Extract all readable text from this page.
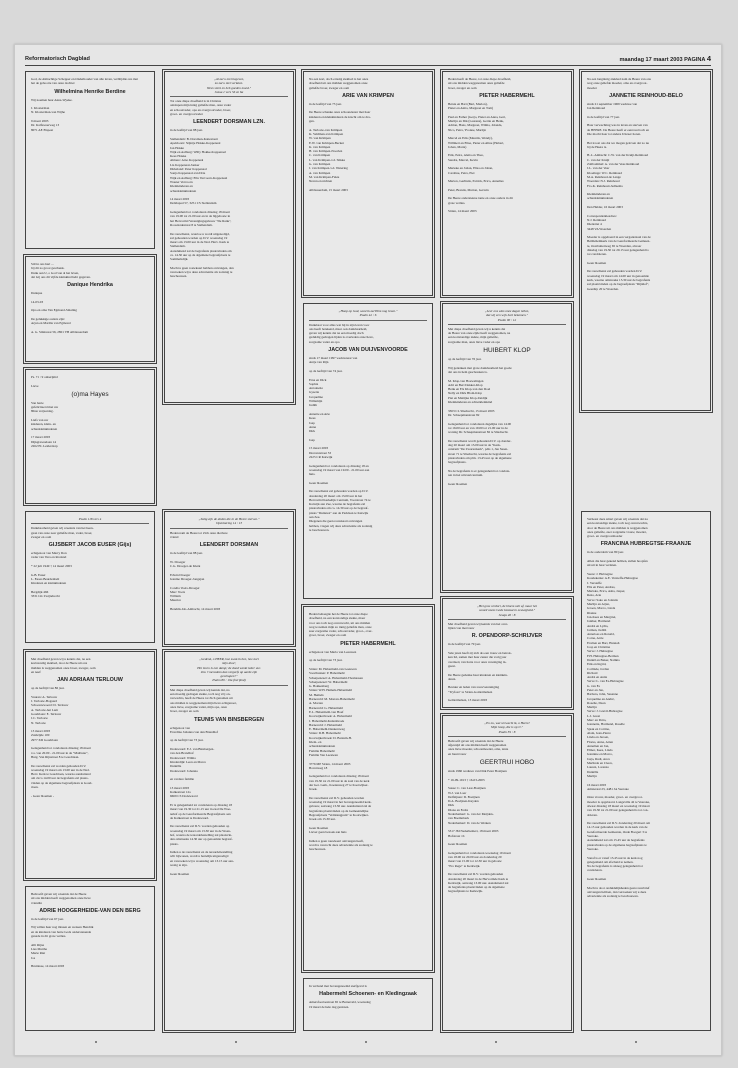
Reformatorisch Dagblad	maandag 17 maart 2003 PAGINA 4
God, de Almachtige Schepper en Onderhouder van alle leven, verblijdde ons met
het de geboorte van onze dochter
Wilhelmina Henrike Berdine
Wij noemen haar Anna-Wyeke.

J. Klosterman
N. Klosterman-van Wijhe

9 maart 2003
Dr. Kalfsweerweg 13
8071 AE Elspeet
Stil in ons hart ...
bij dit zo groot geschenk.
Dank aan U, o God van al het leven,
dat Gij ons dit vijfde kleinkind hebt gegeven.
Danique Hendrika
Danique

14-03-03

Opa en oma Van Egmond-Smaling

De gelukkige ouders zijn:
Arjan en Marilia van Egmond

A. G. Smitsraat 56, 2801 VB Alblasserdam
Ps. 71 : 9 onberijmd

Lieve
(o)ma Hayes
Van harte
gefeliciteerd met uw
80ste verjaardag.

Liefs van uw
kinderen, klein- en
achterkleinkinderen

17 maart 2003
Dijkgraweelaan 14
2262 EL Leiderdorp
Psalm 118 vers 4
Dankbaarheid geven wij u kennis van het heen-
gaan van onze zeer geliefde man, vader, broer,
zwager en oom
GIJSBERT JACOB EUSER (Gijs)
echtgenoot van Marry Don
vader van Vera en Rosland

* 22 juli 1949 † 14 maart 2003

G.B. Euser
L. Euser-Beurdenbelt
Kinderen en kleinkinderen

Bergdijk 466
3331 LK Zwijndrecht
Met droefheid geven wij u kennis dat, na een
kortstondig ziekbed, door de Heere uit ons
midden is weggenomen onze broer, zwager, oom
en neef
JAN ADRIAAN TERLOUW
op de leeftijd van 86 jaar.

Vuuren: A. Terlouw
J. Terlouw-Bogaard
Schoonrewoerd: D. Terlouw
A. Terlouw-het Lam
Goudriaan: E. Terlouw
J.C. Terlouw
N. Terlouw

13 maart 2003
Zuidzijde 100
2977 XD Goudriaan

Gelegenheid tot condoleren dinsdag 18 maart
v.a. van 20.00 - 21.00 uur in de "Maltlater",
Burg. Van Rijnstraat 8 te Goudriaan.

De rouwdienst zal worden gehouden D.V.
woensdag 19 maart om 13.00 uur in de Ned.
Herv. Kerk te Goudriaan, waarna aansluitend
om circa 14.00 uur de begrafenis zal plaats-
vinden op de algemene begraafplaats te Goud-
riaan.

- Geen bloemen -
Bedroefd geven wij u kennis dat de Heere
uit ons midden heeft weggenomen onze lieve
vriendin
ADRIE HOOGERHEIDE-VAN DEN BERG
in de leeftijd van 67 jaar.

Wij willen haar nog missen en wensen Hendrik
en de kinderen van harte Gods onderstenende
genade in dit grote verlies.

Alli Rijna
Lies Martha
Marie Riet
Jos

Bruinisse, 14 maart 2003
„Al zal u niet begeven,
zo zal u niet verlaten.
Wees sterk en heb goeden moed."
Jozua 1 vers 5b en 6a
Tot onze diepe droefheid is in Christus
ontslapen mijn innig geliefde man, onze vader
en schoonvader, opa en overgrootvader, broer,
groot- en overgrootvader
LEENDERT DORSMAN LZN.
in de leeftijd van 88 jaar.

Stellendam: B. Dorsman-Kattestaart
Apeldoorn: Stijntje Hokke-Koppenaal
Jan Hokke
Wijk en Aalburg: Willy Hokke-Koppenaal
Kees Hokke
Almere: Arno Koppenaal
Lia Koppenaal-Jonker
Dirksland: Peter Koppenaal
Sonja Koppenaal-van Drie
Wijk en Aalburg: Ella Vervoorn-Koppenaal
Wouter Vervoorn
Kleinkinderen en
achterkleinkinderen

14 maart 2003
Deltdapad 57, 3251 CS Stellendam

Gelegenheid tot condoleren dinsdag 18 maart
van 19.00 tot 21.00 uur en in de bijgebouw in
het Hervormd Verenigingsgebouw "De Rank",
Roosdonkstraat 8 te Stellendam.

De rouwdienst, waartoe u wordt uitgenodigd,
zal gehouden worden op D.V. woensdag 19
maart om 13.00 uur in de Ned. Herv. Kerk te
Stellendam.
Aansluitend zal de begrafenis plaatsvinden om
ca. 14.30 uur op de algemene begraafplaats te
Sommelsdijk.

Mocht u geen rouwkaart hebben ontvangen, dan
verzoeken wij u deze advertentie als zodanig te
beschouwen.
„Zalig zijn de doden die in de Heere sterven."
Openbaring 14 : 13
Heden nam de Heere tot Zich onze dierbare
vriend
LEENDERT DORSMAN
in de leeftijd van 88 jaar.

W. Droeger
C.G. Droeger-de Klerk

Edwin Droeger
Jeanine Droeger-Jongejan

Corelia Voets-Droeger
Marc Voets
William
Maurice

Hendrik-Ido-Ambacht, 14 maart 2003
„Gedenk, o HEER, hoe zwak ik ben, hoe kort
mijn duur;
Het leven is een damp; de dood wenkt ieder uur.
Zou 't mensdom dan vergeefs op aarde zijn
geschapen?"
Psalm 89 : 19a (berijmd)
Met diepe droefheid geven wij kennis dat, na
een moedig gedragen ziekte, toch nog vrij on-
verwachts, heeft de Heere tot Zich genomen uit
ons midden is weggenomen mijn lieve echtgenoot,
onze lieve, zorgzame vader, mijn opa, onze
broer, zwager en oom
TEUNIS VAN BINSBERGEN
echtgenoot van
Everdina Johanna van den Brandhof

op de leeftijd van 73 jaar.

Dodewaard: E.J. van Binsbergen-
van den Brandhof
Dodewaard: Wilma
Kinderdijk: Leon en Marco
Daniëlle
Dodewaard: Johanna

en verdere familie

13 maart 2003
Kalkestraat 12a
6669 CS Dodewaard

Er is gelegenheid tot condoleren op dinsdag 18
maart van 19.30 tot 21.15 uur in zaal De Woe-
nehof op de Gereformeerde Begraafplaats aan
de Kalkestraat te Dodewaard.

De rouwdienst zal D.V. worden gehouden op
woensdag 19 maart om 13.30 uur in de Woen-
hof, waarna de teraardebestelling zal plaatsvin-
den omstreeks 14.30 uur op genoemde begraaf-
plaats.

Indien u de rouwdienst en de teraardebestelling
wilt bijwonen, wordt u hartelijk uitgenodigd
en verzoeken wij u woensdag om 13.15 uur aan-
wezig te zijn.

Geen bloemen
Na een kort, doch ernstig ziekbed is het onze
droefheid uit ons midden weggenomen onze
geliefde broer, zwager en oom
ARIE VAN KRIMPEN
in de leeftijd van 73 jaar.

De Heere schenke onze schoonzuster met haar
kinderen en kleinkinderen de kracht om te dra-
gen.

A. Terlouw-van Krimpen
K. Veldman-van Krimpen
W. van Krimpen
E.W. van Krimpen-Becker
K. van Krimpen
H. van Krimpen-Noorlen
C. van Krimpen
L. van Krimpen-v.d. Stikke
G. van Krimpen
J. van Krimpen-v.d. Wetering
A. van Krimpen
M. van Krimpen-Faleu
Neven en nichten

Alblasserdam, 15 maart 2003
„Hoop op God, want ik zal Hem nog loven."
Psalm 42 : 6
Dankbaar voor alles wat hij in zijn leven voor
ons heeft betekend, maar ook dankbaarheid,
geven wij kennis dat na een moedig doch
geduldig gedragen lijden is overleden onze lieve,
zorgzame vader en opa
JACOB VAN DUIJVENVOORDE
sinds 17 maart 1997 weduwnaar van
Antje van Rijn

op de leeftijd van 74 jaar.

Erna en Dick
Sophia
Antoinette
Gysette
Jacqueline
Willemijn
Judith

Annette en Arie
Kees
Jaap
Anne
Dirk

Jaap

15 maart 2003
Drevenrstraat 53
2225 CR Katwijk

Gelegenheid tot condoleren op dinsdag 18 en
woensdag 19 maart van 19.00 - 21.00 uur aan
huis.

Geen bloemen

De rouwdienst zal gehouden worden op D.V.
donderdag 20 maart om 13.00 uur in het
Hervormd Kerkelijk Centrum, Voorstraat 74 te
Katwijk aan Zee, waarna de begrafenis zal
plaatsvinden om ca. 14.30 uur op de begraaf-
plaats "Duinrust" aan de Parklaan te Katwijk
aan Zee.
Diegenen die geen rouwkaart ontvangen
hebben, vragen wij deze advertentie als zodanig
te beschouwen.
Heden behaagde het de Heere tot onze diepe
droefheid, na een korstondige ziekte, maar
voor ons toch nog onverwacht, uit ons midden
weg te nemen mijn zo innig geliefde man, onze
zeer zorgzame vader, schoonvader, groot-, over-
groot, broer, zwager en oom
PIETER HABERMEHL
echtgenoot van Maria van Leeuwen

op de leeftijd van 73 jaar.

Strien: M. Habermehl-van Leeuwen
Voorthuizen: P. Habermehl
Scherpenzeel: A. Habermehl-Thomassen
Scherpenzeel: W. Habermehl
G. Bokkenberg
Strien: W.H. Hemels-Habermehl
M. Hemels
Barneveld: M. Morren-Habermehl
A. Morren
Barneveld: G. Habermehl
E.L. Habermehl-van Hoef
Kootwijkerbroek: A. Habermehl
J. Habermehl-Kuttenbroek
Barneveld: J. Habermehl
E. Habermehl-Denkersweg
Strien: D.H. Habermehl
Kootwijkerbroek: D. Bantam-H.
Klein- en
achterkleinkinderen
Familie Habermehl
Familie Van Leeuwen

3776 MP Strien, 14 maart 2003
Bovenweg 18

Gelegenheid tot condoleren dinsdag 18 maart
van 19.30 tot 21.00 uur in de zaal van de kerk
der Ger. Gem., Koeienweg 27 te Kootwijker-
broek.

De rouwdienst zal D.V. gehouden worden
woensdag 19 maart in het bovengenoemd kerk-
gebouw, aanvang 13.30 uur. Aansluitend zal de
begrafenis plaatsvinden op de Gemeentelijke
Begraafplaats "Veldzangpuin" te Kootwijker-
broek om 15.30 uur.

Geen bloemen
Liever geen bezoek aan huis

Indien u geen rouwkaart ontvangen heeft,
wordt u verzocht deze advertentie als zodanig te
beschouwen.
In verband met bovengenoemd sterfgeval is
Habermehl Schoenen- en Kledingzaak
Amersfoortsestraat 65 te Barneveld, woensdag
19 maart de hele dag gesloten.
Heden heeft de Heere, tot onze diepe droefheid,
uit ons midden weggenomen onze geliefde
broer, zwager en oom
PIETER HABERMEHL
Betsie en Bart (Bart, Marion),
Pieter en Anita, Margreet en Tom)

Paul en Esther (Gerjo, Pieter en Anna, Gert,
Martijn en Dik (Laurens), Gertie en Henk,
Adrian, Hans, Margreet, Wilma, Jolanda,
Nico, Petra, Yvonne, Martijn

Marcel en Erik (Maurits, Wendy),
Willmert en Elise, Pieter en Aline (Hebert,
Johan, Maria)

Erik, Petra, Aletta en Theo,
Sandra, Marcel, Kevin

Marieke en Johan, Elisa en Johan,
Caroline, Petra, Piet

Marion, Gerlinda, Patrick, Erica, Annelies

Peter, Brenda, Marion, Gerwin

De Heere ondersteune tante en onze ouders in dit
grote verlies.

Strien, 14 maart 2003
„Leer ons alzo onze dagen tellen,
dat wij een wijs hart bekomen."
Psalm 90 : 12
Met diepe droefheid geven wij u kennis dat
de Heere van onze zijde heeft weggenomen, na
een kortstondige ziekte, mijn geliefde,
zorgzame man, onze lieve vader en opa
HUIBERT KLOP
op de leeftijd van 76 jaar.

Wij gedenken met grote dankbaarheid het goede
dat ons in hem geschonken is.

M. Klop-van Hoewelingen
Adri en Bert Dekker-Klop
Henk en Els Klop-van den Doel
Nelly en Dirk Blom-Klop
Piet en Mattijke Klop-Zuidijk
Kleinkinderen en achterkleinkind

3363 CL Sliedrecht, 15 maart 2003
Dr. Schaepmanstraat 82

Gelegenheid tot condoleren dagelijks van 14.00
tot 16.00 uur en van 19.00 tot 21.00 uur in de
woning Dr. Schaepmanstraat 82 te Sliedrecht.

De rouwdienst wordt gehouden D.V. op donder-
dag 20 maart om 13.00 uur in de "Kerk-
centrum "De Zwarterkerk", pdis 1, Jan Steen-
straat 71 te Sliedrecht, waarna de begrafenis zal
plaatsvinden om plm. 13.45 uur op de algemene
begraafplaats.

Na de begrafenis is er gelegenheid tot condole-
ren in het uitvaartcentrum.

Geen bloemen
„Het gras verdort, de bloem valt af, maar het
woord onzes Gods bestaat in eeuwigheid."
Jesaja 40 : 8
Met droefheid geven wij kennis van het over-
lijden van mevrouw
R. OPENDORP-SCHRIJVER
in de leeftijd van 79 jaar.

Vele jaren heeft zij zich als een trouw en betrok-
ken lid, samen met haar zuster die vorig jaar
overleed, van harte voor onze vereniging in-
gezet.

De Heere gedenke haar kinderen en kleinkin-
deren.

Bestuur en leden van rouwverenniging
"Tryfosa" te Strien-Goidermalsen

Geldermalsen, 13 maart 2003
„En nu, wat verwacht ik, o Heere!
Mijn hoop, die is op U."
Psalm 39 : 8
Bedroefd geven wij u kennis dat de Heere
afgesnijd uit ons midden heeft weggenomen
onze lieve moeder, schoonmoeder, oma, tante
en buurvrouw
GEERTRUI HOBO
sinds 1960 weduwe van Dirk Peter Bozijnen

* 16-09-1913 † 16-03-2003

Susse: C. van Laar-Bozijnen
W.J. van Laar
Delfzijnen: D. Bozijnen
D.A. Bozijnen-Kuyden
Dirk
Diana en Fedra
Nederhemert: G. van der Meijden-
van Boemnberk
Nederhemert: D. van de Werken

5317 JM Nederhemert, 18 maart 2003
Hofstraat 1b

Geen bloemen

Gelegenheid tot condoleren woensdag 19 maart
van 18.00 tot 20.00 uur en donderdag 20
maart van 15.00 tot 12.30 uur in gebouw
"Pro Rege" te Kerkwijk.

De rouwdienst zal D.V. worden gehouden
donderdag 20 maart in de Hervormde Kerk te
Kerkwijk, aanvang 13.00 uur. Aansluitend zal
de begrafenis plaatsvinden op de algemene
begraafplaats te Kerkwijk.
Na een langdurig ziekbed nam de Heere van ons
weg onze geliefde moeder, oma en overgroot-
moeder
JANNETIE REINHOUD-BELO
sinds 21 september 1969 weduwe van
Jan Reinhoud

in de leeftijd van 77 jaar.

Haar verwachting was in leven en sterven van
de HEERE. De Heere heeft er eenvoud toch en
Die mocht haar tot andere Uitzeer horen.

Het troost ons dat we mogen geloven dat zo nu
bij de Heere is.

H.-I.-Ambacht: C.W. van der Kruijt-Reinhoud
C. van der Kruijt
Zaltbommel: A. van der Veer-Reinhoud
J.L. van der Veer
Kloetinge: W.C. Reinhoud
M.A. Reinhoud-de Lange
Woerden: N.J. Reinhoud
F.G.K. Reinhoud-Jedlsema

Kleinkinderen en
achterkleinkinderen

Den Helder, 16 maart 2003

Correspondentieadres:
N.J. Reinhoud
Diederiet 4
3448 VA Woerden

Moeder is opgebaard in een vergaderzaal van de
Bethlehemkerk van de Gereformeerde Gemeen-
te, Oostbuitenweg 65 te Woerden, alwaar
dinsdag van 19.30 tot 20.15 uur gelegenheid is
tot condoleren.

Geen bloemen

De rouwdienst zal gehouden worden D.V.
woensdag 19 maart om 14.00 uur in genoemde
kerk, waarna omstreeks 15.30 uur de begrafenis
zal plaatsvinden op de begraafplaats "Rijnhof",
Geeslirp 20 te Woerden.
Verheest deze smart geven wij u kennis dat na
een korstondige ziekte, toch nog onverwachts,
door de Heere uit ons midden is weggenomen
onze geliefde, zeer zorgzame vrouw, moeder,
groot- en overgrootmoeder
FRANCINA HUBREGTSE-FRAANJE
in de ouderdom van 80 jaar.

Allen die haar gekend hebben, zullen hoopfen
uit uit in haar verlaten.

Veere: J. Hubregtse
Koudekerke: A.E. Versteffe-Hubregtse
J. Versteffe
Elis en Peter, Andres,
Mariska, Erica, Asha, Jasper,
Rena, Arie
Verve: Sako en Jolanda
Marlijn en Arjan,
Jeroen, Marco, Linda
Rianne
Jan-Kees en Margriet,
Janther, Harmand
André en Lydia,
Jarman, Judith
Anneloes en Ronald,
Corne, Arrie
Evelien en Bart, Hannah
Joop en Christina
Verve: J. Hubregtse
F.H. Hubregtse-Berman
Daniël en Beker, Nalikta
Erik en Ingrid,
Corlinde, Jordan
Richard
André en Anita
Verve: L. van Es-Hubregtse
G. van Es
Peter en Jan,
Barbara, John, Susanne
Jacqueline en André,
Roselie, Daan
Martijn
Verve: J. Grevil-Hubregtse
L.J. Greet
Marc en Petra,
Jeannette, Harmand, Roselle
Sjaak en Cortina,
Alain, Jean-Pierre
Linda en Jeroen,
Florus, Anna, Arien
Annelien en Jan,
Elmer, Kees, Linda
Jeannine en Marco,
Jasja, Rudi, Anca
Marlinde en Cleon,
Lauren, Lorenzo
Daniëlle
Martijn

16 maart 2003
Amsteraal 23, 4481 JA Veeroke

Onze vrouw, moeder, groot- en overgroot-
moeder is opgebaard. Langeville 42 te Veeroke,
alwaar dinsdag 18 maart en woensdag 19 maart
van 19.30 tot 21.00 uur gelegenheid is tot con-
doleren.

De rouwdienst zal D.V. donderdag 20 maart om
14.15 uur gehouden worden in de kerk van de
Gereformeerde Gemeente, Oude Boogert 3 te
Veeroke.
Aansluitend zal om 15.45 uur de begrafenis
plaatsvinden op de algemene begraafplaats te
Veeroke.

Vanaf is er vanaf 13.45 uur in de kerk nog
gelegenheid om afscheid te nemen.
Na de begrafenis is alsnog gelegenheid tot
condoleren.

Geen bloemen

Mocht u door onduidelijkheden geen rouwbrief
ontvangen hebben, dan verzoeken wij u deze
advertentie als zodanig te beschouwen.
